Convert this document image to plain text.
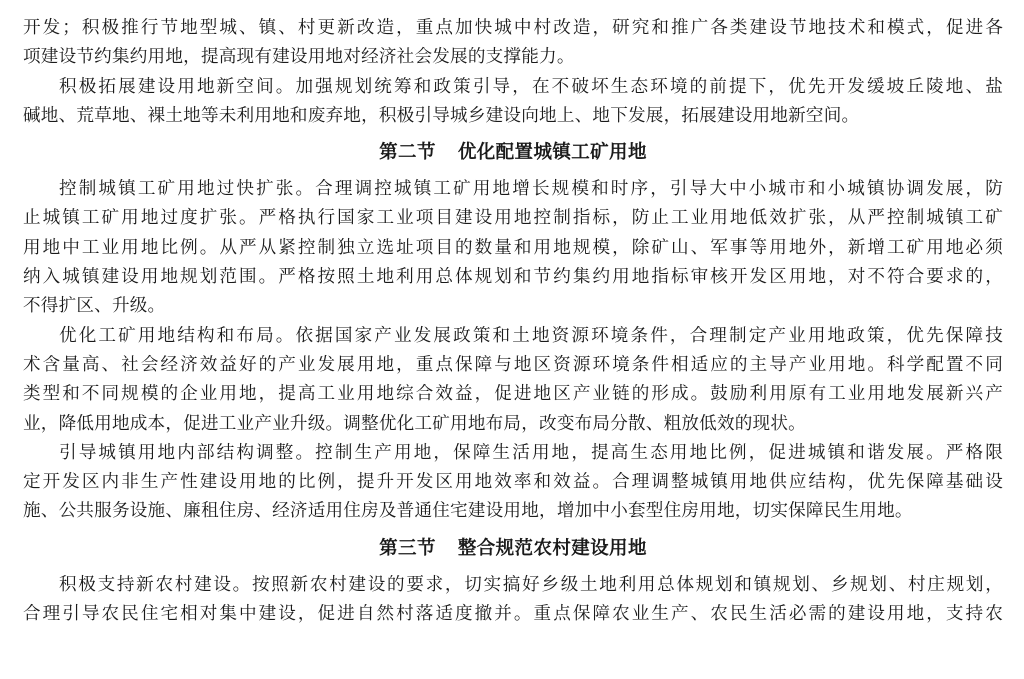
开发；积极推行节地型城、镇、村更新改造，重点加快城中村改造，研究和推广各类建设节地技术和模式，促进各
项建设节约集约用地，提高现有建设用地对经济社会发展的支撑能力。
积极拓展建设用地新空间。加强规划统筹和政策引导，在不破坏生态环境的前提下，优先开发缓坡丘陵地、盐
碱地、荒草地、裸土地等未利用地和废弃地，积极引导城乡建设向地上、地下发展，拓展建设用地新空间。
第二节 优化配置城镇工矿用地
控制城镇工矿用地过快扩张。合理调控城镇工矿用地增长规模和时序，引导大中小城市和小城镇协调发展，防
止城镇工矿用地过度扩张。严格执行国家工业项目建设用地控制指标，防止工业用地低效扩张，从严控制城镇工矿
用地中工业用地比例。从严从紧控制独立选址项目的数量和用地规模，除矿山、军事等用地外，新增工矿用地必须
纳入城镇建设用地规划范围。严格按照土地利用总体规划和节约集约用地指标审核开发区用地，对不符合要求的，
不得扩区、升级。
优化工矿用地结构和布局。依据国家产业发展政策和土地资源环境条件，合理制定产业用地政策，优先保障技
术含量高、社会经济效益好的产业发展用地，重点保障与地区资源环境条件相适应的主导产业用地。科学配置不同
类型和不同规模的企业用地，提高工业用地综合效益，促进地区产业链的形成。鼓励利用原有工业用地发展新兴产
业，降低用地成本，促进工业产业升级。调整优化工矿用地布局，改变布局分散、粗放低效的现状。
引导城镇用地内部结构调整。控制生产用地，保障生活用地，提高生态用地比例，促进城镇和谐发展。严格限
定开发区内非生产性建设用地的比例，提升开发区用地效率和效益。合理调整城镇用地供应结构，优先保障基础设
施、公共服务设施、廉租住房、经济适用住房及普通住宅建设用地，增加中小套型住房用地，切实保障民生用地。
第三节 整合规范农村建设用地
积极支持新农村建设。按照新农村建设的要求，切实搞好乡级土地利用总体规划和镇规划、乡规划、村庄规划，
合理引导农民住宅相对集中建设，促进自然村落适度撤并。重点保障农业生产、农民生活必需的建设用地，支持农
